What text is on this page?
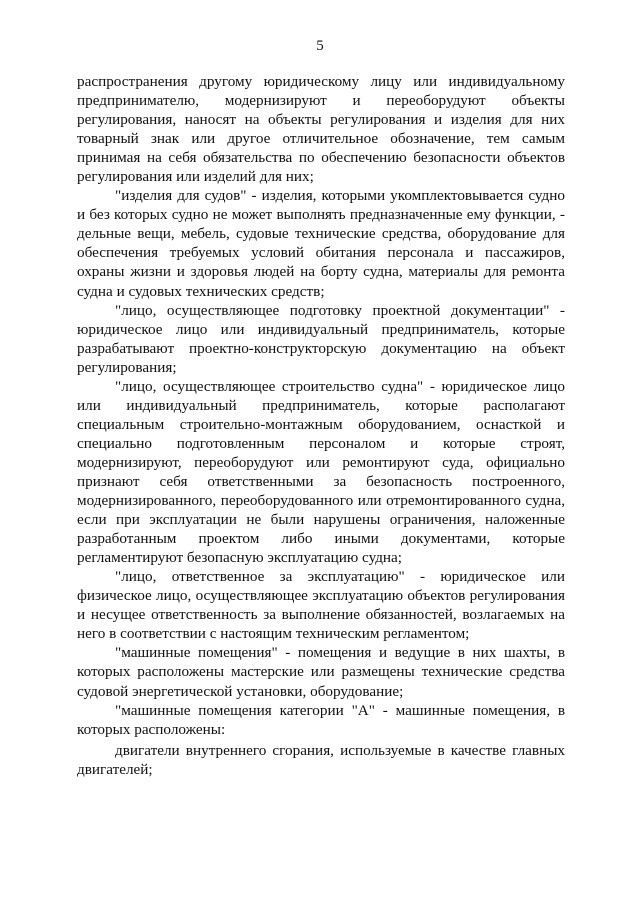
5

распространения другому юридическому лицу или индивидуальному предпринимателю, модернизируют и переоборудуют объекты регулирования, наносят на объекты регулирования и изделия для них товарный знак или другое отличительное обозначение, тем самым принимая на себя обязательства по обеспечению безопасности объектов регулирования или изделий для них;

"изделия для судов" - изделия, которыми укомплектовывается судно и без которых судно не может выполнять предназначенные ему функции, - дельные вещи, мебель, судовые технические средства, оборудование для обеспечения требуемых условий обитания персонала и пассажиров, охраны жизни и здоровья людей на борту судна, материалы для ремонта судна и судовых технических средств;

"лицо, осуществляющее подготовку проектной документации" - юридическое лицо или индивидуальный предприниматель, которые разрабатывают проектно-конструкторскую документацию на объект регулирования;

"лицо, осуществляющее строительство судна" - юридическое лицо или индивидуальный предприниматель, которые располагают специальным строительно-монтажным оборудованием, оснасткой и специально подготовленным персоналом и которые строят, модернизируют, переоборудуют или ремонтируют суда, официально признают себя ответственными за безопасность построенного, модернизированного, переоборудованного или отремонтированного судна, если при эксплуатации не были нарушены ограничения, наложенные разработанным проектом либо иными документами, которые регламентируют безопасную эксплуатацию судна;

"лицо, ответственное за эксплуатацию" - юридическое или физическое лицо, осуществляющее эксплуатацию объектов регулирования и несущее ответственность за выполнение обязанностей, возлагаемых на него в соответствии с настоящим техническим регламентом;

"машинные помещения" - помещения и ведущие в них шахты, в которых расположены мастерские или размещены технические средства судовой энергетической установки, оборудование;

"машинные помещения категории "А" - машинные помещения, в которых расположены:

двигатели внутреннего сгорания, используемые в качестве главных двигателей;
